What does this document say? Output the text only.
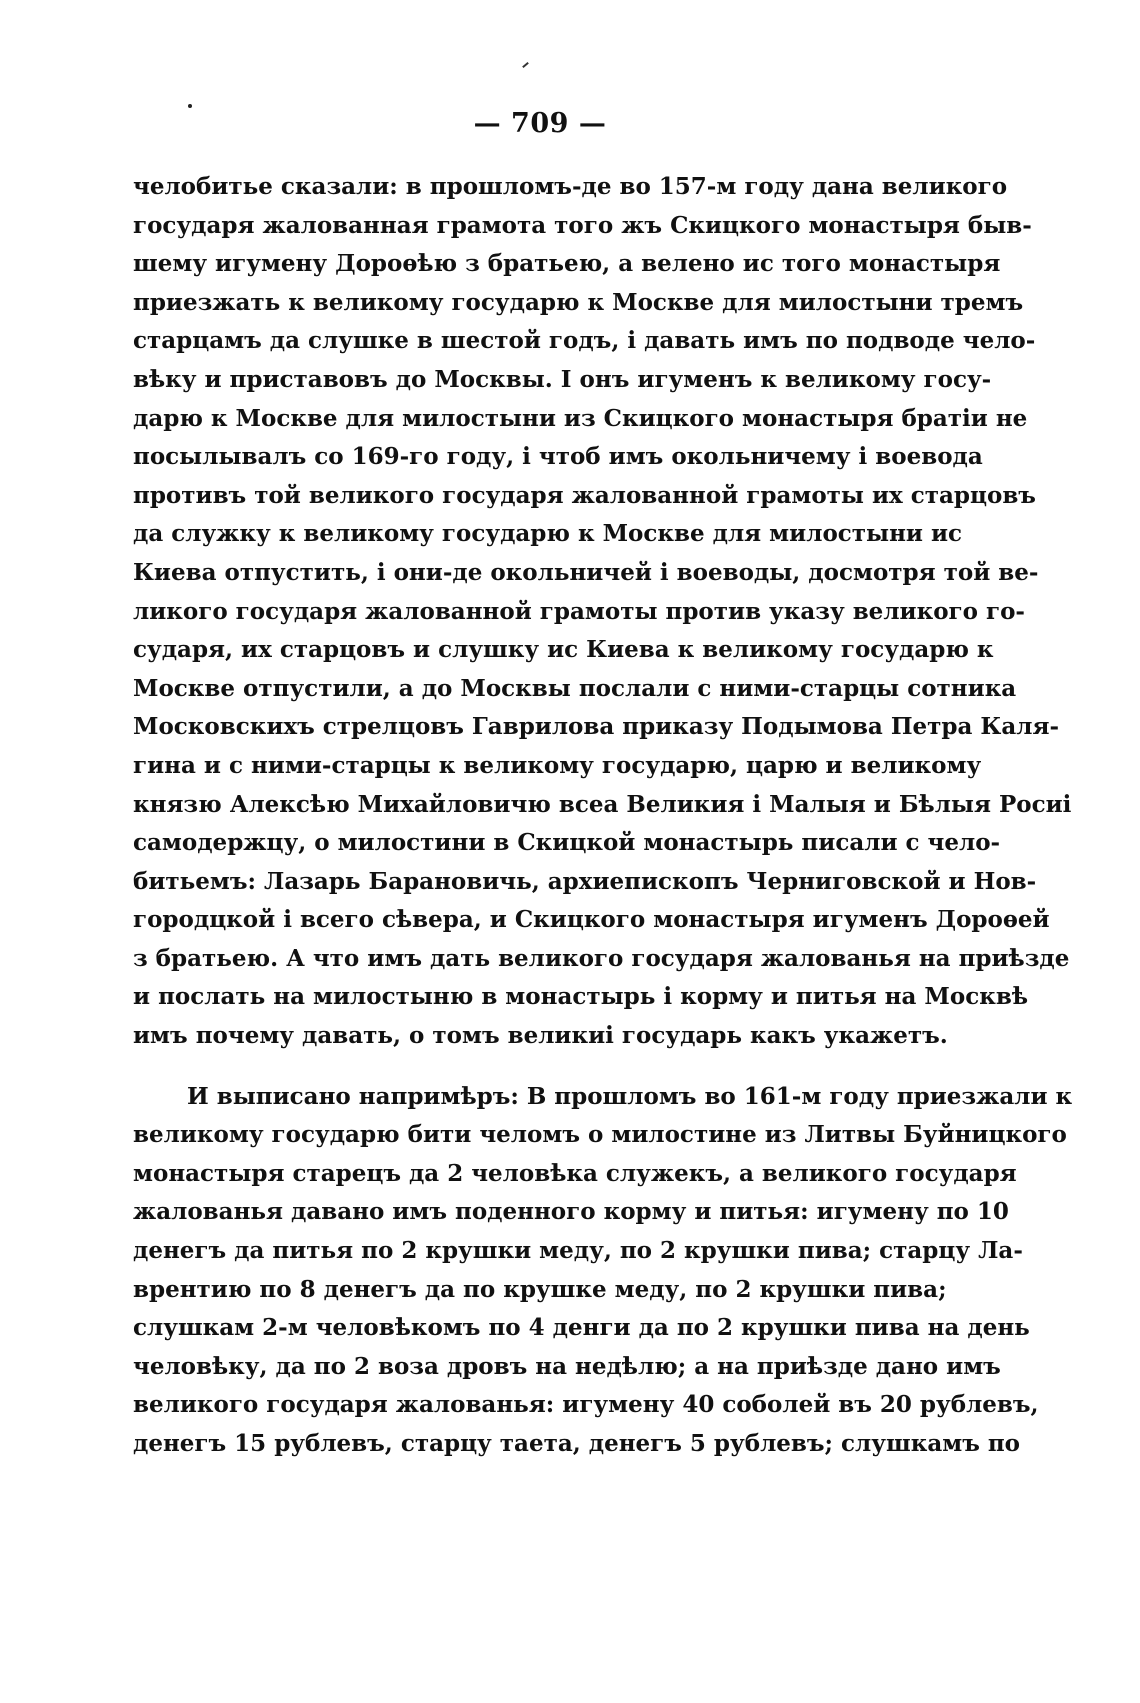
— 709 —
челобитье сказали: в прошломъ-де во 157-м году дана великого
государя жалованная грамота того жъ Скицкого монастыря быв-
шему игумену Дороѳѣю з братьею, а велено ис того монастыря
приезжать к великому государю к Москве для милостыни тремъ
старцамъ да слушке в шестой годъ, і давать имъ по подводе чело-
вѣку и приставовъ до Москвы. І онъ игуменъ к великому госу-
дарю к Москве для милостыни из Скицкого монастыря братіи не
посылывалъ со 169-го году, і чтоб имъ окольничему і воевода
противъ той великого государя жалованной грамоты их старцовъ
да служку к великому государю к Москве для милостыни ис
Киева отпустить, і они-де окольничей і воеводы, досмотря той ве-
ликого государя жалованной грамоты против указу великого го-
сударя, их старцовъ и слушку ис Киева к великому государю к
Москве отпустили, а до Москвы послали с ними-старцы сотника
Московскихъ стрелцовъ Гаврилова приказу Подымова Петра Каля-
гина и с ними-старцы к великому государю, царю и великому
князю Алексѣю Михайловичю всеа Великия і Малыя и Бѣлыя Росиі
самодержцу, о милостини в Скицкой монастырь писали с чело-
битьемъ: Лазарь Барановичь, архиепископъ Черниговской и Нов-
городцкой і всего сѣвера, и Скицкого монастыря игуменъ Дороѳей
з братьею. А что имъ дать великого государя жалованья на приѣзде
и послать на милостыню в монастырь і корму и питья на Москвѣ
имъ почему давать, о томъ великиі государь какъ укажетъ.
И выписано напримѣръ: В прошломъ во 161-м году приезжали к
великому государю бити челомъ о милостине из Литвы Буйницкого
монастыря старецъ да 2 человѣка служекъ, а великого государя
жалованья давано имъ поденного корму и питья: игумену по 10
денегъ да питья по 2 крушки меду, по 2 крушки пива; старцу Ла-
врентию по 8 денегъ да по крушке меду, по 2 крушки пива;
слушкам 2-м человѣкомъ по 4 денги да по 2 крушки пива на день
человѣку, да по 2 воза дровъ на недѣлю; а на приѣзде дано имъ
великого государя жалованья: игумену 40 соболей въ 20 рублевъ,
денегъ 15 рублевъ, старцу таета, денегъ 5 рублевъ; слушкамъ по
